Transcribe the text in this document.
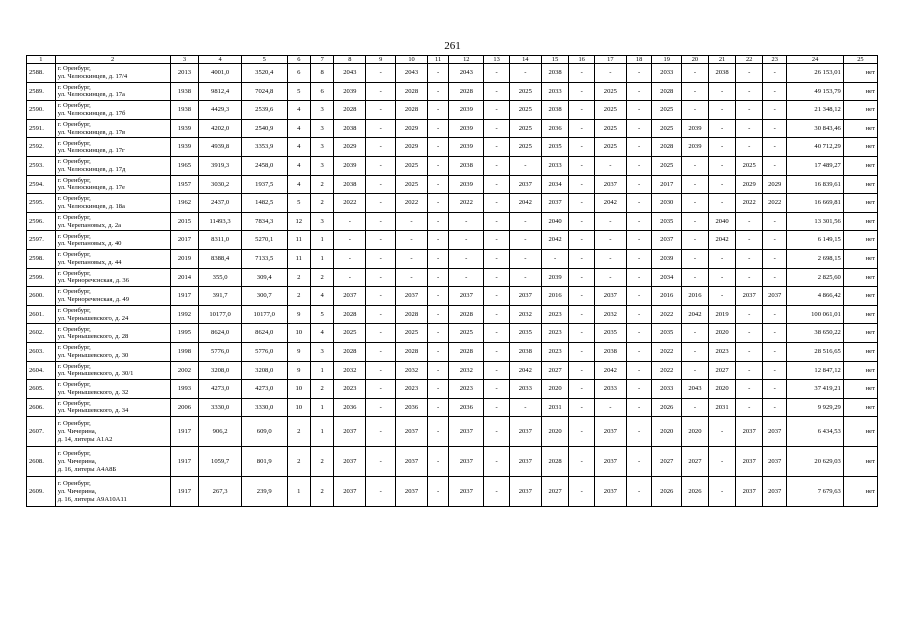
261
1	2	3	4	5	6	7	8	9	10	11	12	13	14	15	16	17	18	19	20	21	22	23	24	25
2588.	г. Оренбург,
ул. Челюскинцев, д. 17/4	2013	4001,0	3520,4	6	8	2043	-	2043	-	2043	-	-	2038	-	-	-	2033	-	2038	-	-	26 153,01	нет
2589.	г. Оренбург,
ул. Челюскинцев, д. 17а	1938	9812,4	7024,8	5	6	2039	-	2028	-	2028	-	2025	2033	-	2025	-	2028	-	-	-	-	49 153,79	нет
2590.	г. Оренбург,
ул. Челюскинцев, д. 17б	1938	4429,3	2539,6	4	3	2028	-	2028	-	2039	-	2025	2038	-	2025	-	2025	-	-	-	-	21 348,12	нет
2591.	г. Оренбург,
ул. Челюскинцев, д. 17в	1939	4202,0	2540,9	4	3	2038	-	2029	-	2039	-	2025	2036	-	2025	-	2025	2039	-	-	-	30 843,46	нет
2592.	г. Оренбург,
ул. Челюскинцев, д. 17г	1939	4939,8	3353,9	4	3	2029	-	2029	-	2039	-	2025	2035	-	2025	-	2028	2039	-	-	-	40 712,29	нет
2593.	г. Оренбург,
ул. Челюскинцев, д. 17д	1965	3919,3	2458,0	4	3	2039	-	2025	-	2038	-	-	2033	-	-	-	2025	-	-	2025	-	17 489,27	нет
2594.	г. Оренбург,
ул. Челюскинцев, д. 17е	1957	3030,2	1937,5	4	2	2038	-	2025	-	2039	-	2037	2034	-	2037	-	2017	-	-	2029	2029	16 839,61	нет
2595.	г. Оренбург,
ул. Челюскинцев, д. 18а	1962	2437,0	1482,5	5	2	2022	-	2022	-	2022	-	2042	2037	-	2042	-	2030	-	-	2022	2022	16 669,81	нет
2596.	г. Оренбург,
ул. Черепановых, д. 2а	2015	11493,3	7834,3	12	3	-	-	-	-	-	-	-	2040	-	-	-	2035	-	2040	-	-	13 301,56	нет
2597.	г. Оренбург,
ул. Черепановых, д. 40	2017	8311,0	5270,1	11	1	-	-	-	-	-	-	-	2042	-	-	-	2037	-	2042	-	-	6 149,15	нет
2598.	г. Оренбург,
ул. Черепановых, д. 44	2019	8388,4	7133,5	11	1	-	-	-	-	-	-	-	-	-	-	-	2039	-	-	-	-	2 698,15	нет
2599.	г. Оренбург,
ул. Черноречснская, д. 36	2014	355,0	309,4	2	2	-	-	-	-	-	-	-	2039	-	-	-	2034	-	-	-	-	2 825,60	нет
2600.	г. Оренбург,
ул. Чернореченская, д. 49	1917	391,7	300,7	2	4	2037	-	2037	-	2037	-	2037	2016	-	2037	-	2016	2016	-	2037	2037	4 866,42	нет
2601.	г. Оренбург,
ул. Чернышевского, д. 24	1992	10177,0	10177,0	9	5	2028	-	2028	-	2028	-	2032	2023	-	2032	-	2022	2042	2019	-	-	100 061,01	нет
2602.	г. Оренбург,
ул. Чернышевского, д. 28	1995	8624,0	8624,0	10	4	2025	-	2025	-	2025	-	2035	2023	-	2035	-	2035	-	2020	-	-	38 650,22	нет
2603.	г. Оренбург,
ул. Чернышевского, д. 30	1998	5776,0	5776,0	9	3	2028	-	2028	-	2028	-	2038	2023	-	2038	-	2022	-	2023	-	-	28 516,65	нет
2604.	г. Оренбург,
ул. Чернышевского, д. 30/1	2002	3208,0	3208,0	9	1	2032	-	2032	-	2032	-	2042	2027	-	2042	-	2022	-	2027	-	-	12 847,12	нет
2605.	г. Оренбург,
ул. Чернышевского, д. 32	1993	4273,0	4273,0	10	2	2023	-	2023	-	2023	-	2033	2020	-	2033	-	2033	2043	2020	-	-	37 419,21	нет
2606.	г. Оренбург,
ул. Чернышевского, д. 34	2006	3330,0	3330,0	10	1	2036	-	2036	-	2036	-	-	2031	-	-	-	2026	-	2031	-	-	9 929,29	нет
2607.	г. Оренбург,
ул. Чичерина,
д. 14, литеры А1А2	1917	906,2	609,0	2	1	2037	-	2037	-	2037	-	2037	2020	-	2037	-	2020	2020	-	2037	2037	6 434,53	нет
2608.	г. Оренбург,
ул. Чичерина,
д. 16, литеры А4А8Б	1917	1059,7	801,9	2	2	2037	-	2037	-	2037	-	2037	2028	-	2037	-	2027	2027	-	2037	2037	20 629,03	нет
2609.	г. Оренбург,
ул. Чичерина,
д. 16, литеры А9А10А11	1917	267,3	239,9	1	2	2037	-	2037	-	2037	-	2037	2027	-	2037	-	2026	2026	-	2037	2037	7 679,63	нет
